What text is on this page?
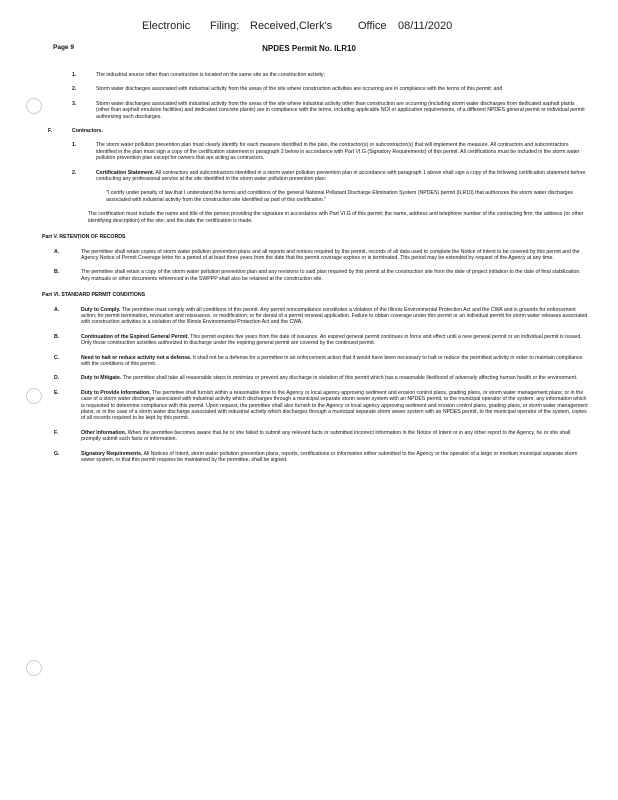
Electronic Filing: Received,Clerk's Office 08/11/2020
Page 9	NPDES Permit No. ILR10
1.	The industrial source other than construction is located on the same site as the construction activity;
2.	Storm water discharges associated with industrial activity from the areas of the site where construction activities are occurring are in compliance with the terms of this permit; and
3.	Storm water discharges associated with industrial activity from the areas of the site where industrial activity other than construction are occurring (including storm water discharges from dedicated asphalt plants (other than asphalt emulsion facilities) and dedicated concrete plants) are in compliance with the terms, including applicable NOI or application requirements, of a different NPDES general permit or individual permit authorizing such discharges.
F.	Contractors.
1.	The storm water pollution prevention plan must clearly identify for each measure identified in the plan, the contractor(s) or subcontractor(s) that will implement the measure. All contractors and subcontractors identified in the plan must sign a copy of the certification statement in paragraph 2 below in accordance with Part VI.G (Signatory Requirements) of this permit. All certifications must be included in the storm water pollution prevention plan except for owners that are acting as contractors.
2.	Certification Statement. All contractors and subcontractors identified in a storm water pollution prevention plan in accordance with paragraph 1 above shall sign a copy of the following certification statement before conducting any professional service at the site identified in the storm water pollution prevention plan:
"I certify under penalty of law that I understand the terms and conditions of the general National Pollutant Discharge Elimination System (NPDES) permit (ILR10) that authorizes the storm water discharges associated with industrial activity from the construction site identified as part of this certification."
The certification must include the name and title of the person providing the signature in accordance with Part VI.G of this permit; the name, address and telephone number of the contracting firm; the address (or other identifying description) of the site; and the date the certification is made.
Part V. RETENTION OF RECORDS
A.	The permittee shall retain copies of storm water pollution prevention plans and all reports and notices required by this permit, records of all data used to complete the Notice of Intent to be covered by this permit and the Agency Notice of Permit Coverage letter for a period of at least three years from the date that the permit coverage expires or is terminated. This period may be extended by request of the Agency at any time.
B.	The permittee shall retain a copy of the storm water pollution prevention plan and any revisions to said plan required by this permit at the construction site from the date of project initiation to the date of final stabilization. Any manuals or other documents referenced in the SWPPP shall also be retained at the construction site.
Part VI. STANDARD PERMIT CONDITIONS
A.	Duty to Comply. The permittee must comply with all conditions of this permit. Any permit noncompliance constitutes a violation of the Illinois Environmental Protection Act and the CWA and is grounds for enforcement action; for permit termination, revocation and reissuance, or modification; or for denial of a permit renewal application. Failure to obtain coverage under this permit or an individual permit for storm water releases associated with construction activities is a violation of the Illinois Environmental Protection Act and the CWA.
B.	Continuation of the Expired General Permit. This permit expires five years from the date of issuance. An expired general permit continues in force and effect until a new general permit or an individual permit is issued. Only those construction activities authorized to discharge under the expiring general permit are covered by the continued permit.
C.	Need to halt or reduce activity not a defense. It shall not be a defense for a permittee in an enforcement action that it would have been necessary to halt or reduce the permitted activity in order to maintain compliance with the conditions of this permit.
D.	Duty to Mitigate. The permittee shall take all reasonable steps to minimize or prevent any discharge in violation of this permit which has a reasonable likelihood of adversely affecting human health or the environment.
E.	Duty to Provide Information. The permittee shall furnish within a reasonable time to the Agency or local agency approving sediment and erosion control plans, grading plans, or storm water management plans; or in the case of a storm water discharge associated with industrial activity which discharges through a municipal separate storm sewer system with an NPDES permit, to the municipal operator of the system, any information which is requested to determine compliance with this permit. Upon request, the permittee shall also furnish to the Agency or local agency approving sediment and erosion control plans, grading plans, or storm water management plans; or in the case of a storm water discharge associated with industrial activity which discharges through a municipal separate storm sewer system with an NPDES permit, to the municipal operator of the system, copies of all records required to be kept by this permit.
F.	Other Information. When the permittee becomes aware that he or she failed to submit any relevant facts or submitted incorrect information in the Notice of Intent or in any other report to the Agency, he or she shall promptly submit such facts or information.
G.	Signatory Requirements. All Notices of Intent, storm water pollution prevention plans, reports, certifications or information either submitted to the Agency or the operator of a large or medium municipal separate storm sewer system, or that this permit requires be maintained by the permittee, shall be signed.
